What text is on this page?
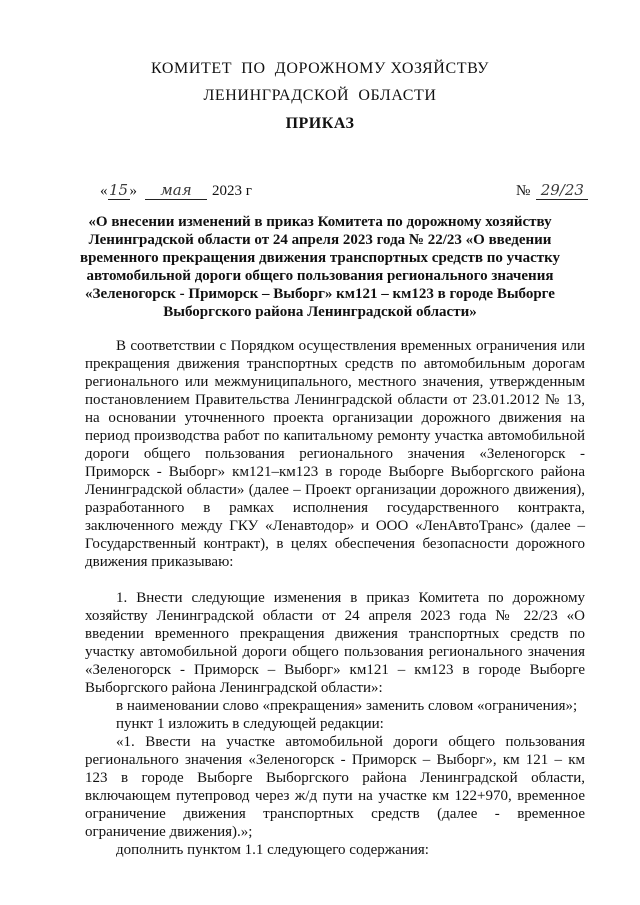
КОМИТЕТ  ПО  ДОРОЖНОМУ ХОЗЯЙСТВУ
ЛЕНИНГРАДСКОЙ  ОБЛАСТИ
ПРИКАЗ

«15» мая 2023 г
	№ 29/23

«О внесении изменений в приказ Комитета по дорожному хозяйству
Ленинградской области от 24 апреля 2023 года № 22/23 «О введении
временного прекращения движения транспортных средств по участку
автомобильной дороги общего пользования регионального значения
«Зеленогорск - Приморск – Выборг» км121 – км123 в городе Выборге
Выборгского района Ленинградской области»
В соответствии с Порядком осуществления временных ограничения или
прекращения движения транспортных средств по автомобильным дорогам
регионального или межмуниципального, местного значения, утвержденным
постановлением Правительства Ленинградской области от 23.01.2012 № 13,
на основании уточненного проекта организации дорожного движения на
период производства работ по капитальному ремонту участка автомобильной
дороги общего пользования регионального значения «Зеленогорск -
Приморск - Выборг» км121–км123 в городе Выборге Выборгского района
Ленинградской области» (далее – Проект организации дорожного движения),
разработанного в рамках исполнения государственного контракта,
заключенного между ГКУ «Ленавтодор» и ООО «ЛенАвтоТранс» (далее –
Государственный контракт), в целях обеспечения безопасности дорожного
движения приказываю:
1. Внести следующие изменения в приказ Комитета по дорожному
хозяйству Ленинградской области от 24 апреля 2023 года № 22/23 «О
введении временного прекращения движения транспортных средств по
участку автомобильной дороги общего пользования регионального значения
«Зеленогорск - Приморск – Выборг» км121 – км123 в городе Выборге
Выборгского района Ленинградской области»:
в наименовании слово «прекращения» заменить словом «ограничения»;
пункт 1 изложить в следующей редакции:
«1. Ввести на участке автомобильной дороги общего пользования
регионального значения «Зеленогорск - Приморск – Выборг», км 121 – км
123 в городе Выборге Выборгского района Ленинградской области,
включающем путепровод через ж/д пути на участке км 122+970, временное
ограничение движения транспортных средств (далее - временное
ограничение движения).»;
дополнить пунктом 1.1 следующего содержания:
